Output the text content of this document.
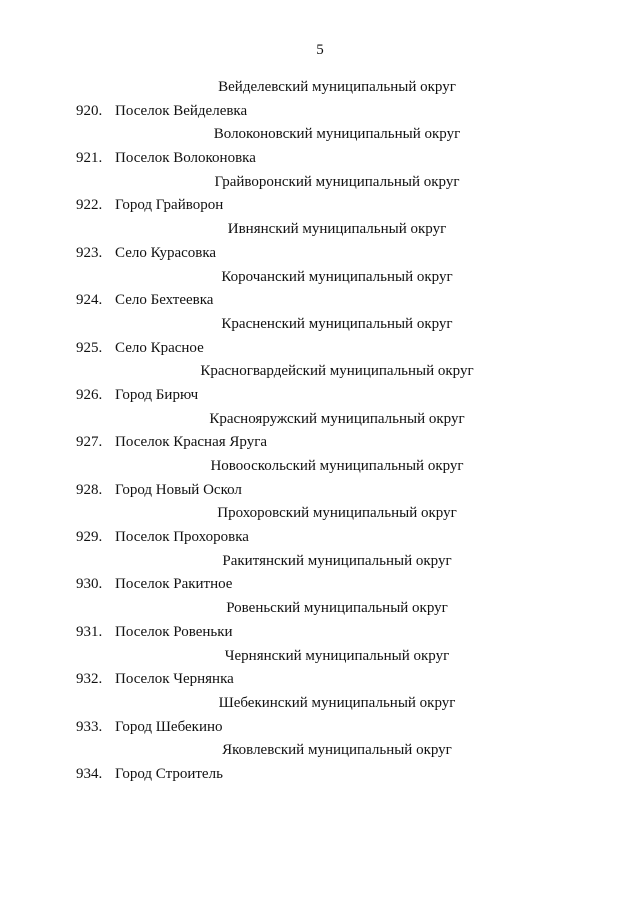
5
Вейделевский муниципальный округ
920. Поселок Вейделевка
Волоконовский муниципальный округ
921. Поселок Волоконовка
Грайворонский муниципальный округ
922. Город Грайворон
Ивнянский муниципальный округ
923. Село Курасовка
Корочанский муниципальный округ
924. Село Бехтеевка
Красненский муниципальный округ
925. Село Красное
Красногвардейский муниципальный округ
926. Город Бирюч
Краснояружский муниципальный округ
927. Поселок Красная Яруга
Новооскольский муниципальный округ
928. Город Новый Оскол
Прохоровский муниципальный округ
929. Поселок Прохоровка
Ракитянский муниципальный округ
930. Поселок Ракитное
Ровеньский муниципальный округ
931. Поселок Ровеньки
Чернянский муниципальный округ
932. Поселок Чернянка
Шебекинский муниципальный округ
933. Город Шебекино
Яковлевский муниципальный округ
934. Город Строитель
